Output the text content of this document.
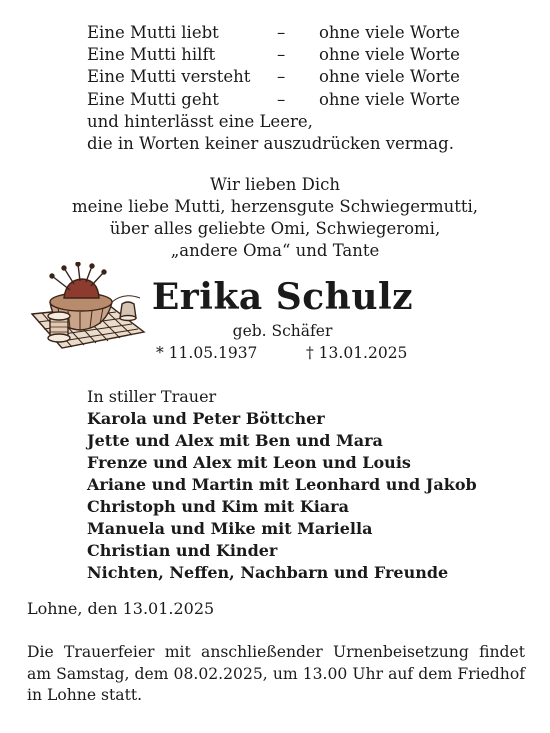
Eine Mutti liebt	–	ohne viele Worte
Eine Mutti hilft	–	ohne viele Worte
Eine Mutti versteht	–	ohne viele Worte
Eine Mutti geht	–	ohne viele Worte
und hinterlässt eine Leere,
die in Worten keiner auszudrücken vermag.
Wir lieben Dich
meine liebe Mutti, herzensgute Schwiegermutti,
über alles geliebte Omi, Schwiegeromi,
„andere Oma“ und Tante
Erika Schulz
geb. Schäfer
* 11.05.1937	† 13.01.2025
In stiller Trauer
Karola und Peter Böttcher
Jette und Alex mit Ben und Mara
Frenze und Alex mit Leon und Louis
Ariane und Martin mit Leonhard und Jakob
Christoph und Kim mit Kiara
Manuela und Mike mit Mariella
Christian und Kinder
Nichten, Neffen, Nachbarn und Freunde
Lohne, den 13.01.2025
Die Trauerfeier mit anschließender Urnenbeisetzung findet am Samstag, dem 08.02.2025, um 13.00 Uhr auf dem Friedhof in Lohne statt.
